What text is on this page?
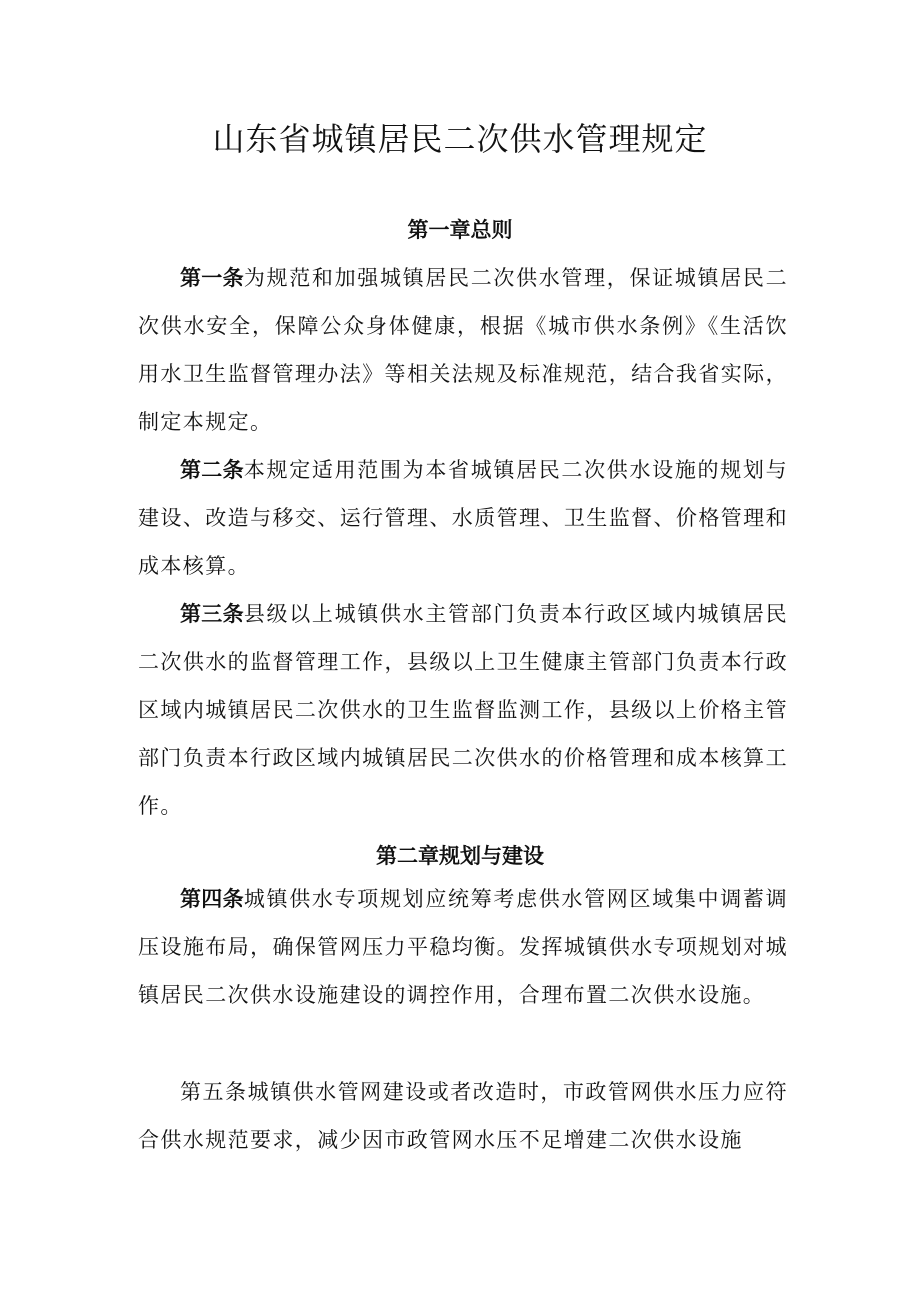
山东省城镇居民二次供水管理规定
第一章总则

第一条为规范和加强城镇居民二次供水管理，保证城镇居民二次供水安全，保障公众身体健康，根据《城市供水条例》《生活饮用水卫生监督管理办法》等相关法规及标准规范，结合我省实际，制定本规定。

第二条本规定适用范围为本省城镇居民二次供水设施的规划与建设、改造与移交、运行管理、水质管理、卫生监督、价格管理和成本核算。

第三条县级以上城镇供水主管部门负责本行政区域内城镇居民二次供水的监督管理工作，县级以上卫生健康主管部门负责本行政区域内城镇居民二次供水的卫生监督监测工作，县级以上价格主管部门负责本行政区域内城镇居民二次供水的价格管理和成本核算工作。

第二章规划与建设

第四条城镇供水专项规划应统筹考虑供水管网区域集中调蓄调压设施布局，确保管网压力平稳均衡。发挥城镇供水专项规划对城镇居民二次供水设施建设的调控作用，合理布置二次供水设施。

第五条城镇供水管网建设或者改造时，市政管网供水压力应符合供水规范要求，减少因市政管网水压不足增建二次供水设施
